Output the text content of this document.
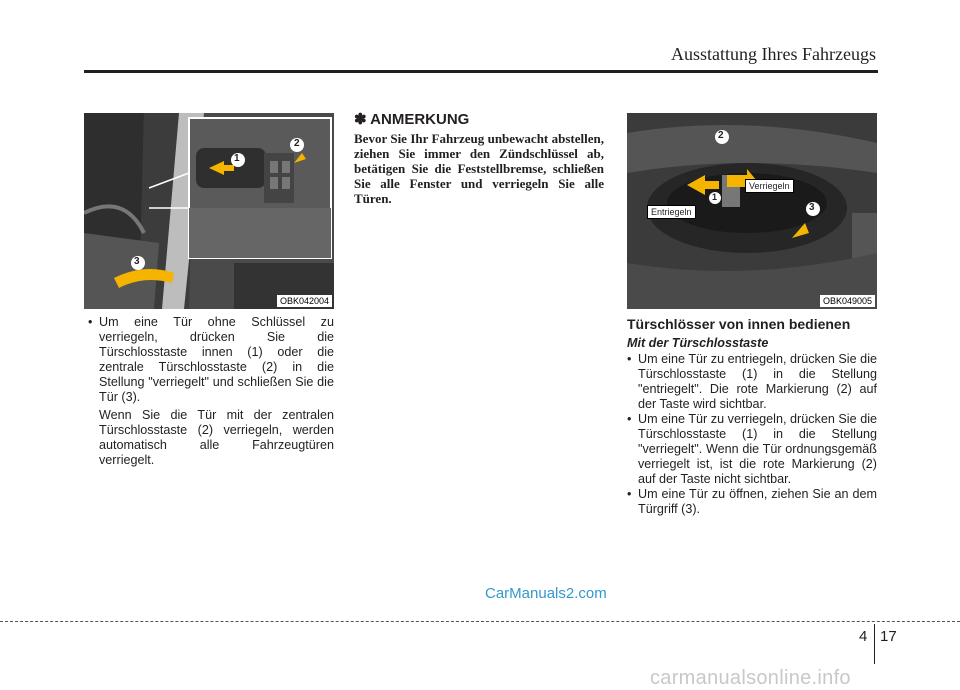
Ausstattung Ihres Fahrzeugs
1
2
3
OBK042004
• Um eine Tür ohne Schlüssel zu verriegeln, drücken Sie die Türschlosstaste innen (1) oder die zentrale Türschlosstaste (2) in die Stellung "verriegelt" und schließen Sie die Tür (3).
Wenn Sie die Tür mit der zentralen Türschlosstaste (2) verriegeln, werden automatisch alle Fahrzeugtüren verriegelt.
✽ ANMERKUNG
Bevor Sie Ihr Fahrzeug unbewacht abstellen, ziehen Sie immer den Zündschlüssel ab, betätigen Sie die Feststellbremse, schließen Sie alle Fenster und verriegeln Sie alle Türen.
2
1
3
Verriegeln
Entriegeln
OBK049005
Türschlösser von innen bedienen
Mit der Türschlosstaste
• Um eine Tür zu entriegeln, drücken Sie die Türschlosstaste (1) in die Stellung "entriegelt". Die rote Markierung (2) auf der Taste wird sichtbar.
• Um eine Tür zu verriegeln, drücken Sie die Türschlosstaste (1) in die Stellung "verriegelt". Wenn die Tür ordnungsgemäß verriegelt ist, ist die rote Markierung (2) auf der Taste nicht sichtbar.
• Um eine Tür zu öffnen, ziehen Sie an dem Türgriff (3).
CarManuals2.com
4 17
carmanualsonline.info
